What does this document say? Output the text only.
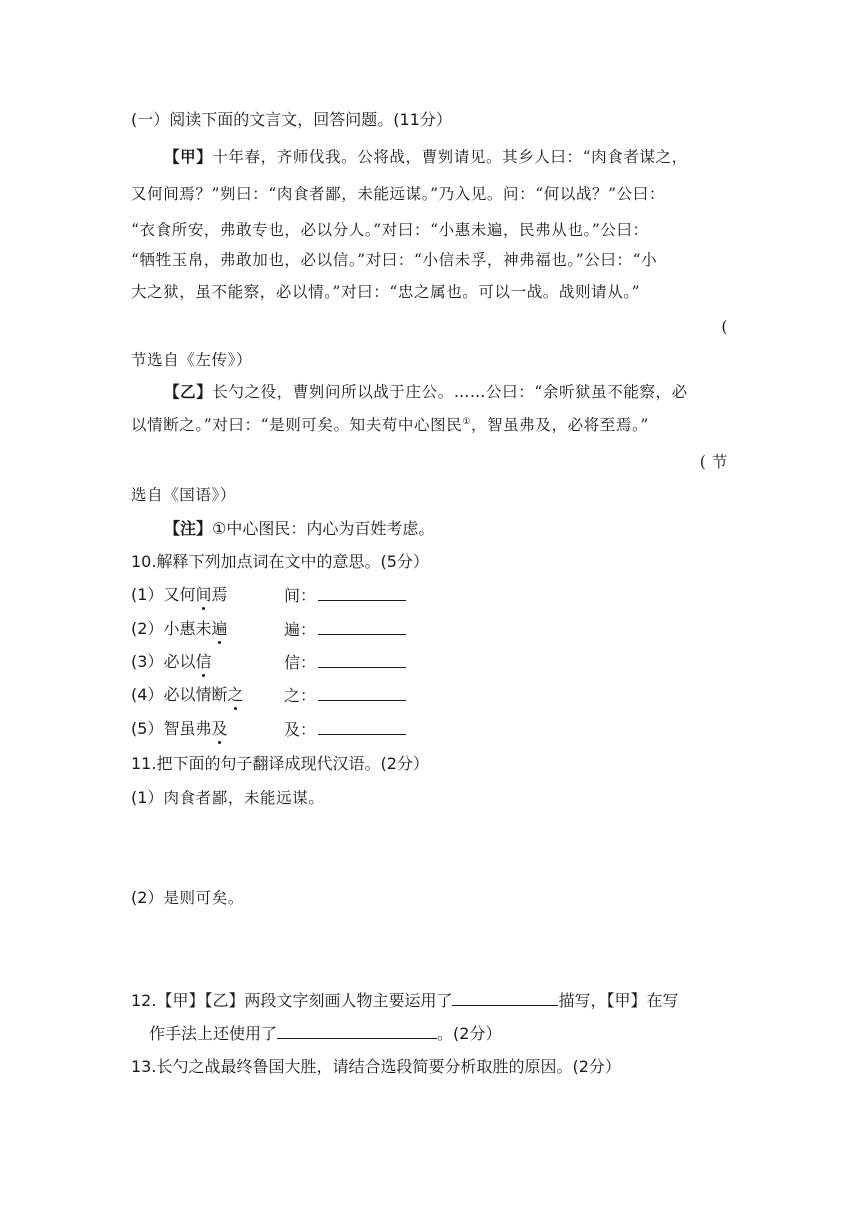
(一）阅读下面的文言文，回答问题。(11分）
【甲】十年春，齐师伐我。公将战，曹刿请见。其乡人曰：“肉食者谋之，
又何间焉？”刿曰：“肉食者鄙，未能远谋。”乃入见。问：“何以战？”公曰：
“衣食所安，弗敢专也，必以分人。”对曰：“小惠未遍，民弗从也。”公曰：
“牺牲玉帛，弗敢加也，必以信。”对曰：“小信未孚，神弗福也。”公曰：“小
大之狱，虽不能察，必以情。”对曰：“忠之属也。可以一战。战则请从。”
(
节选自《左传》）
【乙】长勺之役，曹刿问所以战于庄公。……公曰：“余听狱虽不能察，必
以情断之。”对曰：“是则可矣。知夫苟中心图民①，智虽弗及，必将至焉。”
( 节
选自《国语》）
【注】①中心图民：内心为百姓考虑。
10.解释下列加点词在文中的意思。(5分）
(1）又何间焉	间：
(2）小惠未遍	遍：
(3）必以信	信：
(4）必以情断之	之：
(5）智虽弗及	及：
11.把下面的句子翻译成现代汉语。(2分）
(1）肉食者鄙，未能远谋。
(2）是则可矣。
12.【甲】【乙】两段文字刻画人物主要运用了	描写，【甲】在写
作手法上还使用了	。(2分）
13.长勺之战最终鲁国大胜，请结合选段简要分析取胜的原因。(2分）
